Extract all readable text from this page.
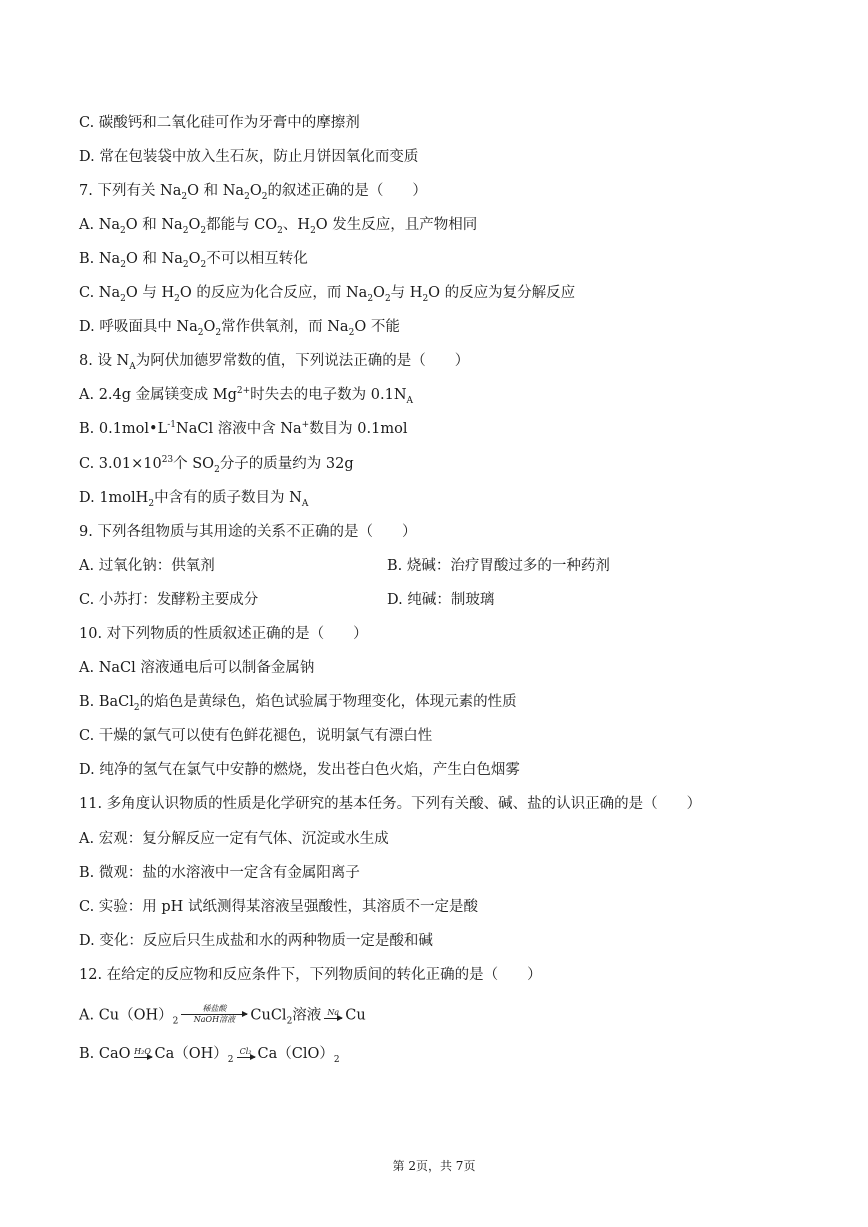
C. 碳酸钙和二氧化硅可作为牙膏中的摩擦剂
D. 常在包装袋中放入生石灰，防止月饼因氧化而变质
7. 下列有关 $Na_2O$ 和 $Na_2O_2$的叙述正确的是（　　）
A. $Na_2O$ 和 $Na_2O_2$都能与 $CO_2$、$H_2O$ 发生反应，且产物相同
B. $Na_2O$ 和 $Na_2O_2$不可以相互转化
C. $Na_2O$ 与 $H_2O$ 的反应为化合反应，而 $Na_2O_2$与 $H_2O$ 的反应为复分解反应
D. 呼吸面具中 $Na_2O_2$常作供氧剂，而 $Na_2O$ 不能
8. 设 $N_A$为阿伏加德罗常数的值，下列说法正确的是（　　）
A. 2.4g 金属镁变成 $Mg^{2+}$时失去的电子数为 $0.1N_A$
B. $0.1mol•L^{-1}NaCl$ 溶液中含 Na+数目为 0.1mol
C. $3.01\times 10^{23}$个 $SO_2$分子的质量约为 32g
D. 1molH$_2$中含有的质子数目为 $N_A$
9. 下列各组物质与其用途的关系不正确的是（　　）
A. 过氧化钠：供氧剂	B. 烧碱：治疗胃酸过多的一种药剂
C. 小苏打：发酵粉主要成分	D. 纯碱：制玻璃
10. 对下列物质的性质叙述正确的是（　　）
A. NaCl 溶液通电后可以制备金属钠
B. BaCl$_2$的焰色是黄绿色，焰色试验属于物理变化，体现元素的性质
C. 干燥的氯气可以使有色鲜花褪色，说明氯气有漂白性
D. 纯净的氢气在氯气中安静的燃烧，发出苍白色火焰，产生白色烟雾
11. 多角度认识物质的性质是化学研究的基本任务。下列有关酸、碱、盐的认识正确的是（　　）
A. 宏观：复分解反应一定有气体、沉淀或水生成
B. 微观：盐的水溶液中一定含有金属阳离子
C. 实验：用 pH 试纸测得某溶液呈强酸性，其溶质不一定是酸
D. 变化：反应后只生成盐和水的两种物质一定是酸和碱
12. 在给定的反应物和反应条件下，下列物质间的转化正确的是（　　）
A. $Cu(OH)_2$
稀盐酸
NaOH溶液	CuCl$_2$溶液 Na Cu
B. CaO H₂O $Ca(OH)_2$
Cl₂ $Ca(ClO)_2$
第 2页，共 7页
